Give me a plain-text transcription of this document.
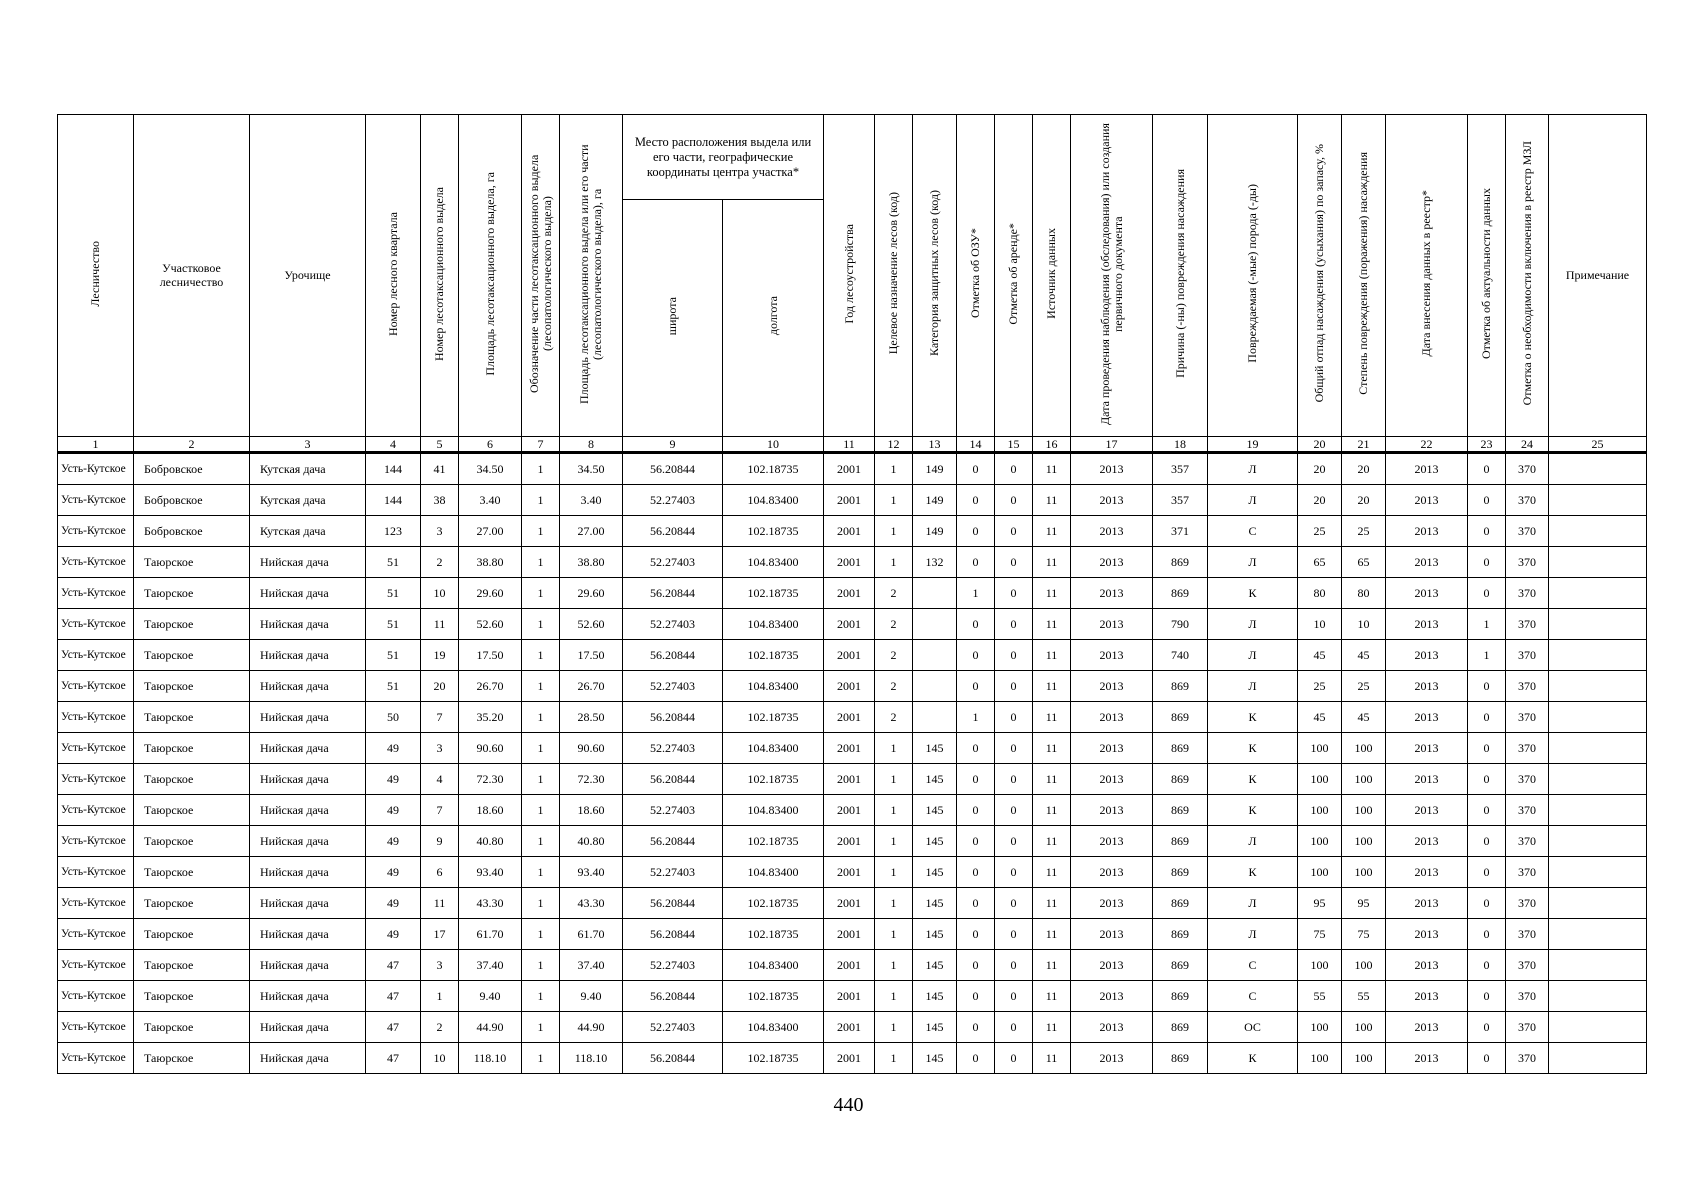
Лесничество	Участковое лесничество	Урочище	Номер лесного квартала	Номер лесотаксационного выдела	Площадь лесотаксационного выдела, га	Обозначение части лесотаксационного выдела (лесопатологического выдела)	Площадь лесотаксационного выдела или его части (лесопатологического выдела), га	Место расположения выдела или его части, географические координаты центра участка*		Год лесоустройства	Целевое назначение лесов (код)	Категория защитных лесов (код)	Отметка об ОЗУ*	Отметка об аренде*	Источник данных	Дата проведения наблюдения (обследования) или создания первичного документа	Причина (-ны) повреждения насаждения	Повреждаемая (-мые) порода (-ды)	Общий отпад насаждения (усыхания) по запасу, %	Степень повреждения (поражения) насаждения	Дата внесения данных в реестр*	Отметка об актуальности данных	Отметка о необходимости включения в реестр МЗЛ	Примечание
								широта	долгота															
1	2	3	4	5	6	7	8	9	10	11	12	13	14	15	16	17	18	19	20	21	22	23	24	25
Усть-Кутское	Бобровское	Кутская дача	144	41	34.50	1	34.50	56.20844	102.18735	2001	1	149	0	0	11	2013	357	Л	20	20	2013	0	370	
Усть-Кутское	Бобровское	Кутская дача	144	38	3.40	1	3.40	52.27403	104.83400	2001	1	149	0	0	11	2013	357	Л	20	20	2013	0	370	
Усть-Кутское	Бобровское	Кутская дача	123	3	27.00	1	27.00	56.20844	102.18735	2001	1	149	0	0	11	2013	371	С	25	25	2013	0	370	
Усть-Кутское	Таюрское	Нийская дача	51	2	38.80	1	38.80	52.27403	104.83400	2001	1	132	0	0	11	2013	869	Л	65	65	2013	0	370	
Усть-Кутское	Таюрское	Нийская дача	51	10	29.60	1	29.60	56.20844	102.18735	2001	2		1	0	11	2013	869	К	80	80	2013	0	370	
Усть-Кутское	Таюрское	Нийская дача	51	11	52.60	1	52.60	52.27403	104.83400	2001	2		0	0	11	2013	790	Л	10	10	2013	1	370	
Усть-Кутское	Таюрское	Нийская дача	51	19	17.50	1	17.50	56.20844	102.18735	2001	2		0	0	11	2013	740	Л	45	45	2013	1	370	
Усть-Кутское	Таюрское	Нийская дача	51	20	26.70	1	26.70	52.27403	104.83400	2001	2		0	0	11	2013	869	Л	25	25	2013	0	370	
Усть-Кутское	Таюрское	Нийская дача	50	7	35.20	1	28.50	56.20844	102.18735	2001	2		1	0	11	2013	869	К	45	45	2013	0	370	
Усть-Кутское	Таюрское	Нийская дача	49	3	90.60	1	90.60	52.27403	104.83400	2001	1	145	0	0	11	2013	869	К	100	100	2013	0	370	
Усть-Кутское	Таюрское	Нийская дача	49	4	72.30	1	72.30	56.20844	102.18735	2001	1	145	0	0	11	2013	869	К	100	100	2013	0	370	
Усть-Кутское	Таюрское	Нийская дача	49	7	18.60	1	18.60	52.27403	104.83400	2001	1	145	0	0	11	2013	869	К	100	100	2013	0	370	
Усть-Кутское	Таюрское	Нийская дача	49	9	40.80	1	40.80	56.20844	102.18735	2001	1	145	0	0	11	2013	869	Л	100	100	2013	0	370	
Усть-Кутское	Таюрское	Нийская дача	49	6	93.40	1	93.40	52.27403	104.83400	2001	1	145	0	0	11	2013	869	К	100	100	2013	0	370	
Усть-Кутское	Таюрское	Нийская дача	49	11	43.30	1	43.30	56.20844	102.18735	2001	1	145	0	0	11	2013	869	Л	95	95	2013	0	370	
Усть-Кутское	Таюрское	Нийская дача	49	17	61.70	1	61.70	56.20844	102.18735	2001	1	145	0	0	11	2013	869	Л	75	75	2013	0	370	
Усть-Кутское	Таюрское	Нийская дача	47	3	37.40	1	37.40	52.27403	104.83400	2001	1	145	0	0	11	2013	869	С	100	100	2013	0	370	
Усть-Кутское	Таюрское	Нийская дача	47	1	9.40	1	9.40	56.20844	102.18735	2001	1	145	0	0	11	2013	869	С	55	55	2013	0	370	
Усть-Кутское	Таюрское	Нийская дача	47	2	44.90	1	44.90	52.27403	104.83400	2001	1	145	0	0	11	2013	869	ОС	100	100	2013	0	370	
Усть-Кутское	Таюрское	Нийская дача	47	10	118.10	1	118.10	56.20844	102.18735	2001	1	145	0	0	11	2013	869	К	100	100	2013	0	370	
440
